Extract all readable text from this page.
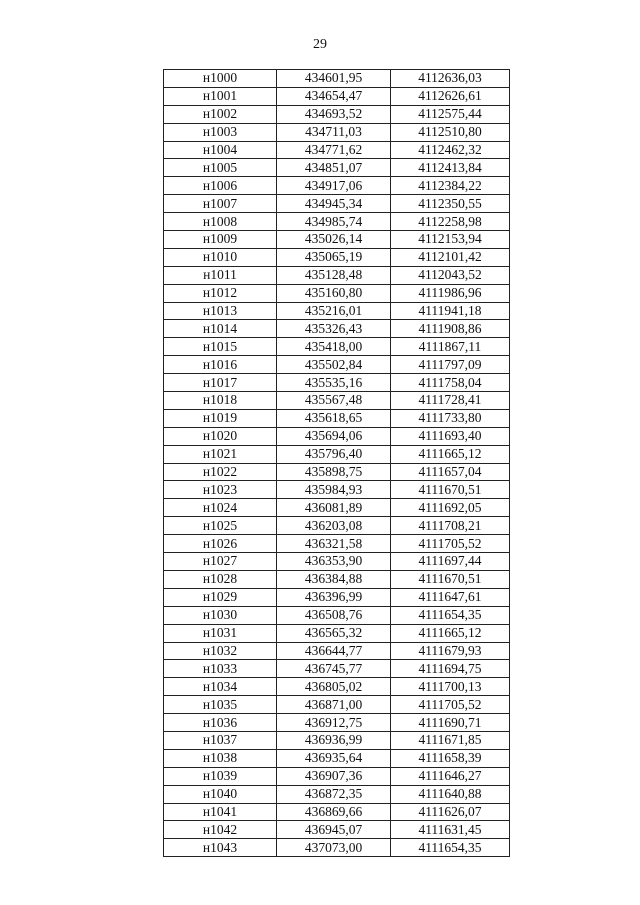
29
н1000	434601,95	4112636,03
н1001	434654,47	4112626,61
н1002	434693,52	4112575,44
н1003	434711,03	4112510,80
н1004	434771,62	4112462,32
н1005	434851,07	4112413,84
н1006	434917,06	4112384,22
н1007	434945,34	4112350,55
н1008	434985,74	4112258,98
н1009	435026,14	4112153,94
н1010	435065,19	4112101,42
н1011	435128,48	4112043,52
н1012	435160,80	4111986,96
н1013	435216,01	4111941,18
н1014	435326,43	4111908,86
н1015	435418,00	4111867,11
н1016	435502,84	4111797,09
н1017	435535,16	4111758,04
н1018	435567,48	4111728,41
н1019	435618,65	4111733,80
н1020	435694,06	4111693,40
н1021	435796,40	4111665,12
н1022	435898,75	4111657,04
н1023	435984,93	4111670,51
н1024	436081,89	4111692,05
н1025	436203,08	4111708,21
н1026	436321,58	4111705,52
н1027	436353,90	4111697,44
н1028	436384,88	4111670,51
н1029	436396,99	4111647,61
н1030	436508,76	4111654,35
н1031	436565,32	4111665,12
н1032	436644,77	4111679,93
н1033	436745,77	4111694,75
н1034	436805,02	4111700,13
н1035	436871,00	4111705,52
н1036	436912,75	4111690,71
н1037	436936,99	4111671,85
н1038	436935,64	4111658,39
н1039	436907,36	4111646,27
н1040	436872,35	4111640,88
н1041	436869,66	4111626,07
н1042	436945,07	4111631,45
н1043	437073,00	4111654,35
